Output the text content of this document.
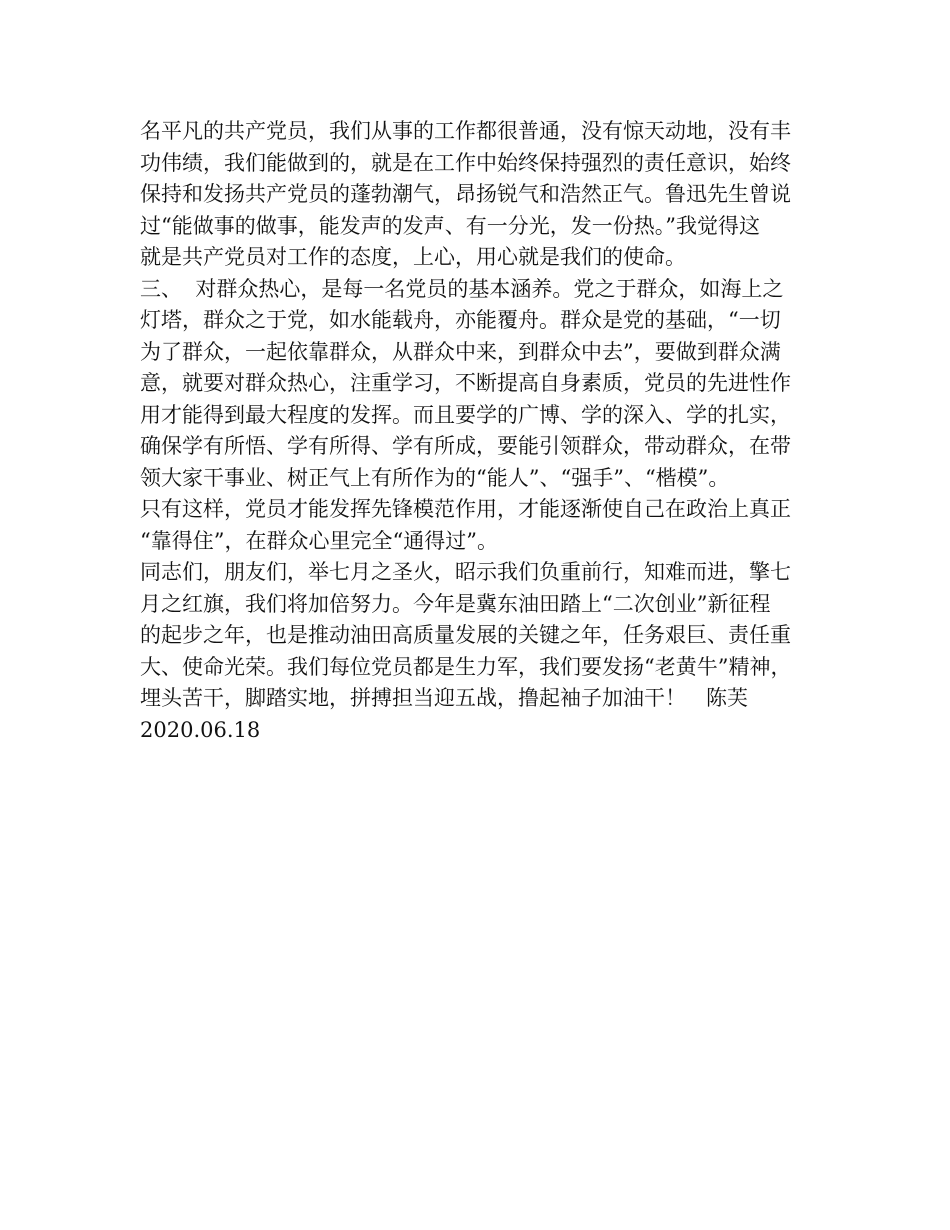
名平凡的共产党员，我们从事的工作都很普通，没有惊天动地，没有丰
功伟绩，我们能做到的，就是在工作中始终保持强烈的责任意识，始终
保持和发扬共产党员的蓬勃潮气，昂扬锐气和浩然正气。鲁迅先生曾说
过“能做事的做事，能发声的发声、有一分光，发一份热。”我觉得这
就是共产党员对工作的态度，上心，用心就是我们的使命。
三、  对群众热心，是每一名党员的基本涵养。党之于群众，如海上之
灯塔，群众之于党，如水能载舟，亦能覆舟。群众是党的基础，“一切
为了群众，一起依靠群众，从群众中来，到群众中去”，要做到群众满
意，就要对群众热心，注重学习，不断提高自身素质，党员的先进性作
用才能得到最大程度的发挥。而且要学的广博、学的深入、学的扎实，
确保学有所悟、学有所得、学有所成，要能引领群众，带动群众，在带
领大家干事业、树正气上有所作为的“能人”、“强手”、“楷模”。
只有这样，党员才能发挥先锋模范作用，才能逐渐使自己在政治上真正
“靠得住”，在群众心里完全“通得过”。
同志们，朋友们，举七月之圣火，昭示我们负重前行，知难而进，擎七
月之红旗，我们将加倍努力。今年是冀东油田踏上“二次创业”新征程
的起步之年，也是推动油田高质量发展的关键之年，任务艰巨、责任重
大、使命光荣。我们每位党员都是生力军，我们要发扬“老黄牛”精神，
埋头苦干，脚踏实地，拼搏担当迎五战，撸起袖子加油干！   陈芙
2020.06.18
